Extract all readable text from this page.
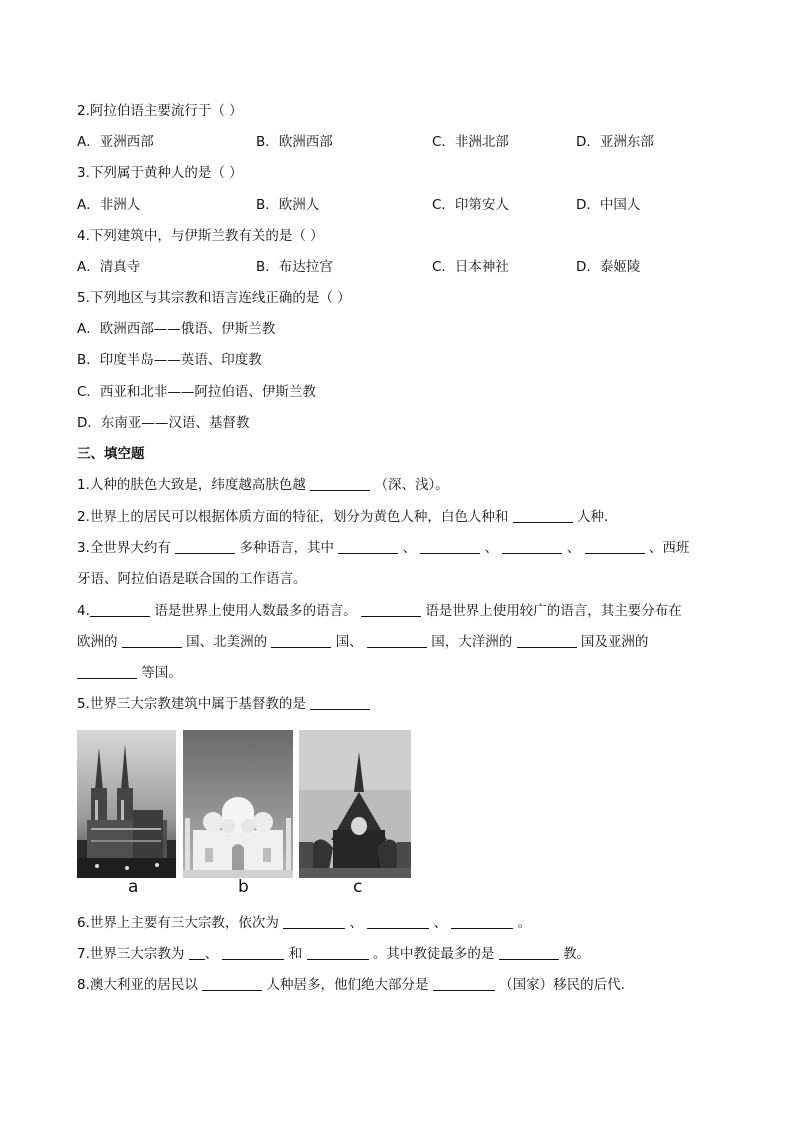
2.阿拉伯语主要流行于（ ）
A．亚洲西部	B．欧洲西部	C．非洲北部	D．亚洲东部
3.下列属于黄种人的是（ ）
A．非洲人	B．欧洲人	C．印第安人	D．中国人
4.下列建筑中，与伊斯兰教有关的是（ ）
A．清真寺	B．布达拉宫	C．日本神社	D．泰姬陵
5.下列地区与其宗教和语言连线正确的是（ ）
A．欧洲西部——俄语、伊斯兰教
B．印度半岛——英语、印度教
C．西亚和北非——阿拉伯语、伊斯兰教
D．东南亚——汉语、基督教
三、填空题
1.人种的肤色大致是，纬度越高肤色越	（深、浅）。
2.世界上的居民可以根据体质方面的特征，划分为黄色人种，白色人种和	人种．
3.全世界大约有	多种语言，其中	、	、	、	、西班
牙语、阿拉伯语是联合国的工作语言。
4.	语是世界上使用人数最多的语言。	语是世界上使用较广的语言，其主要分布在
欧洲的	国、北美洲的	国、	国，大洋洲的	国及亚洲的
等国。
5.世界三大宗教建筑中属于基督教的是
a	b	c
6.世界上主要有三大宗教，依次为	、	、	。
7.世界三大宗教为 、	和	。其中教徒最多的是	教。
8.澳大利亚的居民以	人种居多，他们绝大部分是	（国家）移民的后代．
